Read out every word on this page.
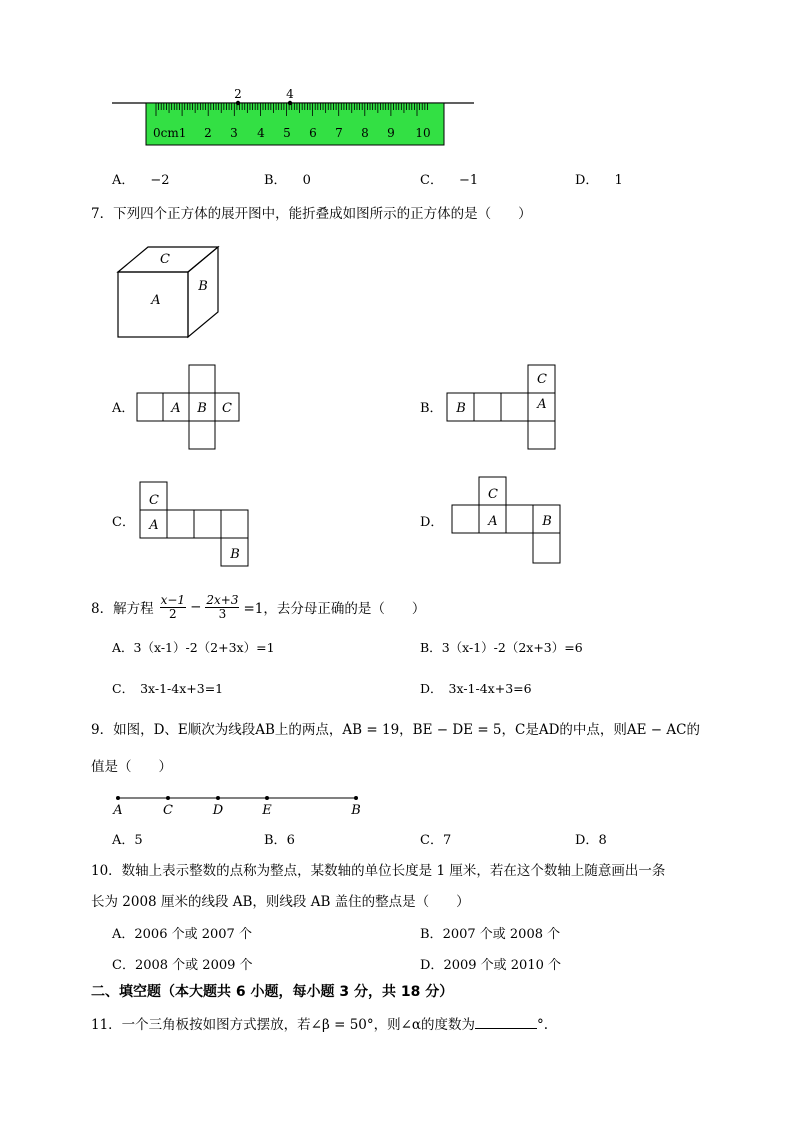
2	4
0cm1 2 3 4 5 6 7 8 9 10
A． −2	B． 0	C． −1	D． 1
7．下列四个正方体的展开图中，能折叠成如图所示的正方体的是（　　）
C
A
B
A．	A B C	B． B
C
A
C．
C
A
B
D．
C
A	B
8．解方程
x−1
$2 - \frac{2x+3}{3} =1$，去分母正确的是（　　）
A．3（x-1）-2（2+3x）=1	B．3（x-1）-2（2x+3）=6
C． 3x-1-4x+3=1	D． 3x-1-4x+3=6
9．如图，D、E顺次为线段AB上的两点，AB = 19，BE − DE = 5，C是AD的中点，则AE − AC的
值是（　　）
A	C	D	E	B
A．5	B．6	C．7	D．8
10．数轴上表示整数的点称为整点，某数轴的单位长度是 1 厘米，若在这个数轴上随意画出一条
长为 2008 厘米的线段 AB，则线段 AB 盖住的整点是（　　）
A．2006 个或 2007 个	B．2007 个或 2008 个
C．2008 个或 2009 个	D．2009 个或 2010 个
二、填空题（本大题共 6 小题，每小题 3 分，共 18 分）
11．一个三角板按如图方式摆放，若∠β = 50°，则∠α的度数为	°.
